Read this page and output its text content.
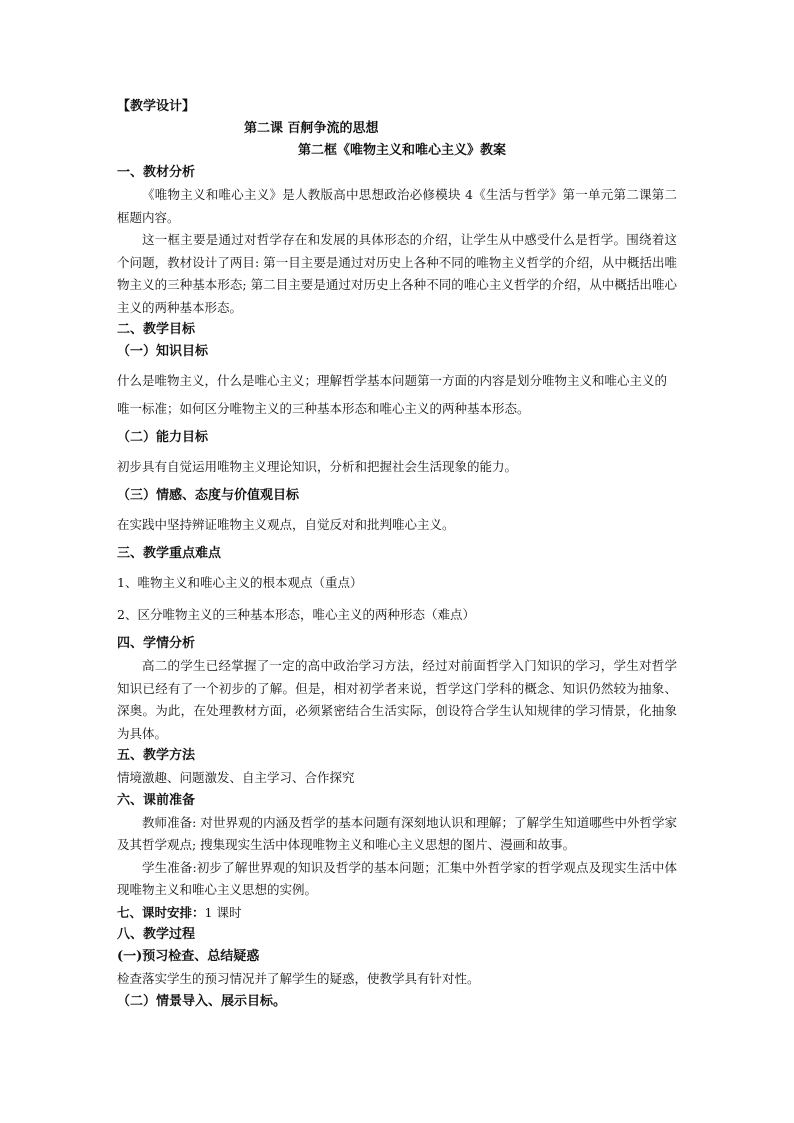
【教学设计】
第二课 百舸争流的思想
第二框《唯物主义和唯心主义》教案
一、教材分析
《唯物主义和唯心主义》是人教版高中思想政治必修模块 4《生活与哲学》第一单元第二课第二框题内容。
这一框主要是通过对哲学存在和发展的具体形态的介绍，让学生从中感受什么是哲学。围绕着这个问题，教材设计了两目: 第一目主要是通过对历史上各种不同的唯物主义哲学的介绍，从中概括出唯物主义的三种基本形态; 第二目主要是通过对历史上各种不同的唯心主义哲学的介绍，从中概括出唯心主义的两种基本形态。
二、教学目标
（一）知识目标
什么是唯物主义，什么是唯心主义；理解哲学基本问题第一方面的内容是划分唯物主义和唯心主义的唯一标准；如何区分唯物主义的三种基本形态和唯心主义的两种基本形态。
（二）能力目标
初步具有自觉运用唯物主义理论知识，分析和把握社会生活现象的能力。
（三）情感、态度与价值观目标
在实践中坚持辨证唯物主义观点，自觉反对和批判唯心主义。
三、教学重点难点
1、唯物主义和唯心主义的根本观点（重点）
2、区分唯物主义的三种基本形态，唯心主义的两种形态（难点）
四、学情分析
高二的学生已经掌握了一定的高中政治学习方法，经过对前面哲学入门知识的学习，学生对哲学知识已经有了一个初步的了解。但是，相对初学者来说，哲学这门学科的概念、知识仍然较为抽象、深奥。为此，在处理教材方面，必须紧密结合生活实际，创设符合学生认知规律的学习情景，化抽象为具体。
五、教学方法
情境激趣、问题激发、自主学习、合作探究
六、课前准备
教师准备: 对世界观的内涵及哲学的基本问题有深刻地认识和理解；了解学生知道哪些中外哲学家及其哲学观点; 搜集现实生活中体现唯物主义和唯心主义思想的图片、漫画和故事。
学生准备:初步了解世界观的知识及哲学的基本问题；汇集中外哲学家的哲学观点及现实生活中体现唯物主义和唯心主义思想的实例。
七、课时安排：1 课时
八、教学过程
(一)预习检查、总结疑惑
检查落实学生的预习情况并了解学生的疑惑，使教学具有针对性。
（二）情景导入、展示目标。
